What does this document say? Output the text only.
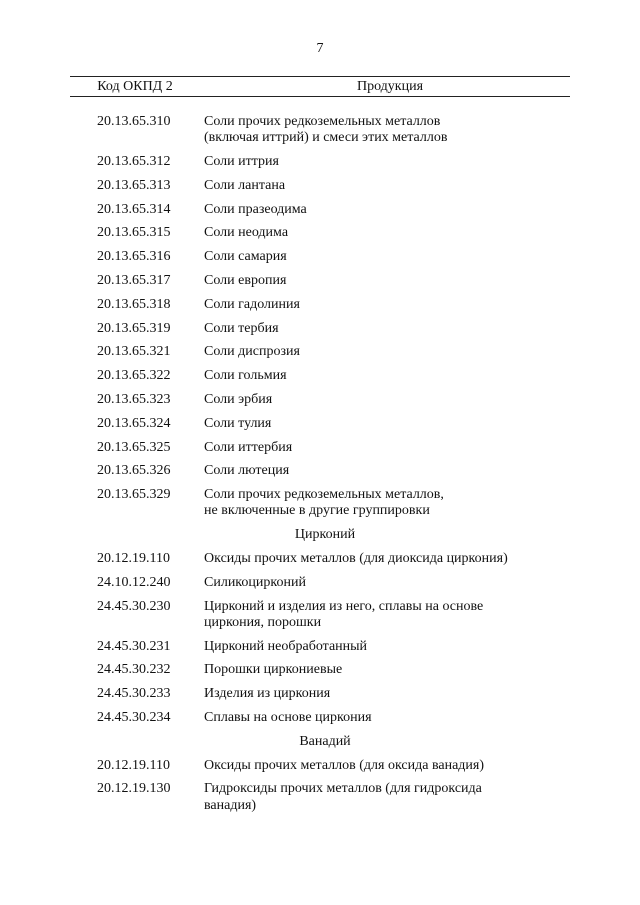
7
Код ОКПД 2	Продукция
20.13.65.310	Соли прочих редкоземельных металлов
(включая иттрий) и смеси этих металлов
20.13.65.312	Соли иттрия
20.13.65.313	Соли лантана
20.13.65.314	Соли празеодима
20.13.65.315	Соли неодима
20.13.65.316	Соли самария
20.13.65.317	Соли европия
20.13.65.318	Соли гадолиния
20.13.65.319	Соли тербия
20.13.65.321	Соли диспрозия
20.13.65.322	Соли гольмия
20.13.65.323	Соли эрбия
20.13.65.324	Соли тулия
20.13.65.325	Соли иттербия
20.13.65.326	Соли лютеция
20.13.65.329	Соли прочих редкоземельных металлов,
не включенные в другие группировки
Цирконий
20.12.19.110	Оксиды прочих металлов (для диоксида циркония)
24.10.12.240	Силикоцирконий
24.45.30.230	Цирконий и изделия из него, сплавы на основе
циркония, порошки
24.45.30.231	Цирконий необработанный
24.45.30.232	Порошки циркониевые
24.45.30.233	Изделия из циркония
24.45.30.234	Сплавы на основе циркония
Ванадий
20.12.19.110	Оксиды прочих металлов (для оксида ванадия)
20.12.19.130	Гидроксиды прочих металлов (для гидроксида
ванадия)
